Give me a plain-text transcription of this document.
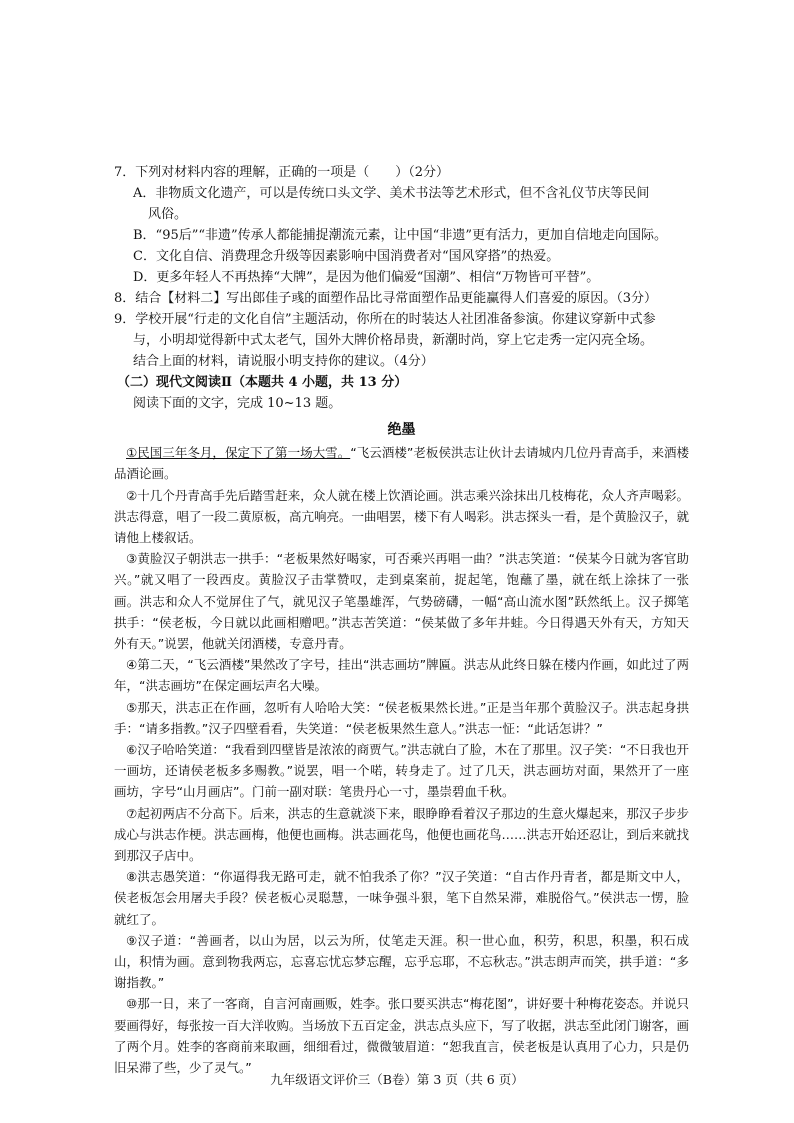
7．下列对材料内容的理解，正确的一项是（　　）（2分）
A．非物质文化遗产，可以是传统口头文学、美术书法等艺术形式，但不含礼仪节庆等民间
风俗。
B．“95后”“非遗”传承人都能捕捉潮流元素，让中国“非遗”更有活力，更加自信地走向国际。
C．文化自信、消费理念升级等因素影响中国消费者对“国风穿搭”的热爱。
D．更多年轻人不再热捧“大牌”，是因为他们偏爱“国潮”、相信“万物皆可平替”。
8．结合【材料二】写出郎佳子彧的面塑作品比寻常面塑作品更能赢得人们喜爱的原因。（3分）
9．学校开展“行走的文化自信”主题活动，你所在的时装达人社团准备参演。你建议穿新中式参
与，小明却觉得新中式太老气，国外大牌价格昂贵，新潮时尚，穿上它走秀一定闪亮全场。
结合上面的材料，请说服小明支持你的建议。（4分）
（二）现代文阅读Ⅱ（本题共 4 小题，共 13 分）
阅读下面的文字，完成 10~13 题。
绝墨
①民国三年冬月，保定下了第一场大雪。“飞云酒楼”老板侯洪志让伙计去请城内几位丹青高手，来酒楼品酒论画。
②十几个丹青高手先后踏雪赶来，众人就在楼上饮酒论画。洪志乘兴涂抹出几枝梅花，众人齐声喝彩。洪志得意，唱了一段二黄原板，高亢响亮。一曲唱罢，楼下有人喝彩。洪志探头一看，是个黄脸汉子，就请他上楼叙话。
③黄脸汉子朝洪志一拱手：“老板果然好喝家，可否乘兴再唱一曲？”洪志笑道：“侯某今日就为客官助兴。”就又唱了一段西皮。黄脸汉子击掌赞叹，走到桌案前，捉起笔，饱蘸了墨，就在纸上涂抹了一张画。洪志和众人不觉屏住了气，就见汉子笔墨雄浑，气势磅礴，一幅“高山流水图”跃然纸上。汉子掷笔拱手：“侯老板，今日就以此画相赠吧。”洪志苦笑道：“侯某做了多年井蛙。今日得遇天外有天，方知天外有天。”说罢，他就关闭酒楼，专意丹青。
④第二天，“飞云酒楼”果然改了字号，挂出“洪志画坊”牌匾。洪志从此终日躲在楼内作画，如此过了两年，“洪志画坊”在保定画坛声名大噪。
⑤那天，洪志正在作画，忽听有人哈哈大笑：“侯老板果然长进。”正是当年那个黄脸汉子。洪志起身拱手：“请多指教。”汉子四壁看看，失笑道：“侯老板果然生意人。”洪志一怔：“此话怎讲？”
⑥汉子哈哈笑道：“我看到四壁皆是浓浓的商贾气。”洪志就白了脸，木在了那里。汉子笑：“不日我也开一画坊，还请侯老板多多赐教。”说罢，唱一个喏，转身走了。过了几天，洪志画坊对面，果然开了一座画坊，字号“山月画店”。门前一副对联：笔贵丹心一寸，墨崇碧血千秋。
⑦起初两店不分高下。后来，洪志的生意就淡下来，眼睁睁看着汉子那边的生意火爆起来，那汉子步步成心与洪志作梗。洪志画梅，他便也画梅。洪志画花鸟，他便也画花鸟……洪志开始还忍让，到后来就找到那汉子店中。
⑧洪志愚笑道：“你逼得我无路可走，就不怕我杀了你？”汉子笑道：“自古作丹青者，都是斯文中人，侯老板怎会用屠夫手段？侯老板心灵聪慧，一味争强斗狠，笔下自然呆滞，难脱俗气。”侯洪志一愣，脸就红了。
⑨汉子道：“善画者，以山为居，以云为所，仗笔走天涯。积一世心血，积劳，积思，积墨，积石成山，积情为画。意到物我两忘，忘喜忘忧忘梦忘醒，忘乎忘耶，不忘秋志。”洪志朗声而笑，拱手道：“多谢指教。”
⑩那一日，来了一客商，自言河南画贩，姓李。张口要买洪志“梅花图”，讲好要十种梅花姿态。并说只要画得好，每张按一百大洋收购。当场放下五百定金，洪志点头应下，写了收据，洪志至此闭门谢客，画了两个月。姓李的客商前来取画，细细看过，微微皱眉道：“恕我直言，侯老板是认真用了心力，只是仍旧呆滞了些，少了灵气。”
九年级语文评价三（B卷）第 3 页（共 6 页）
